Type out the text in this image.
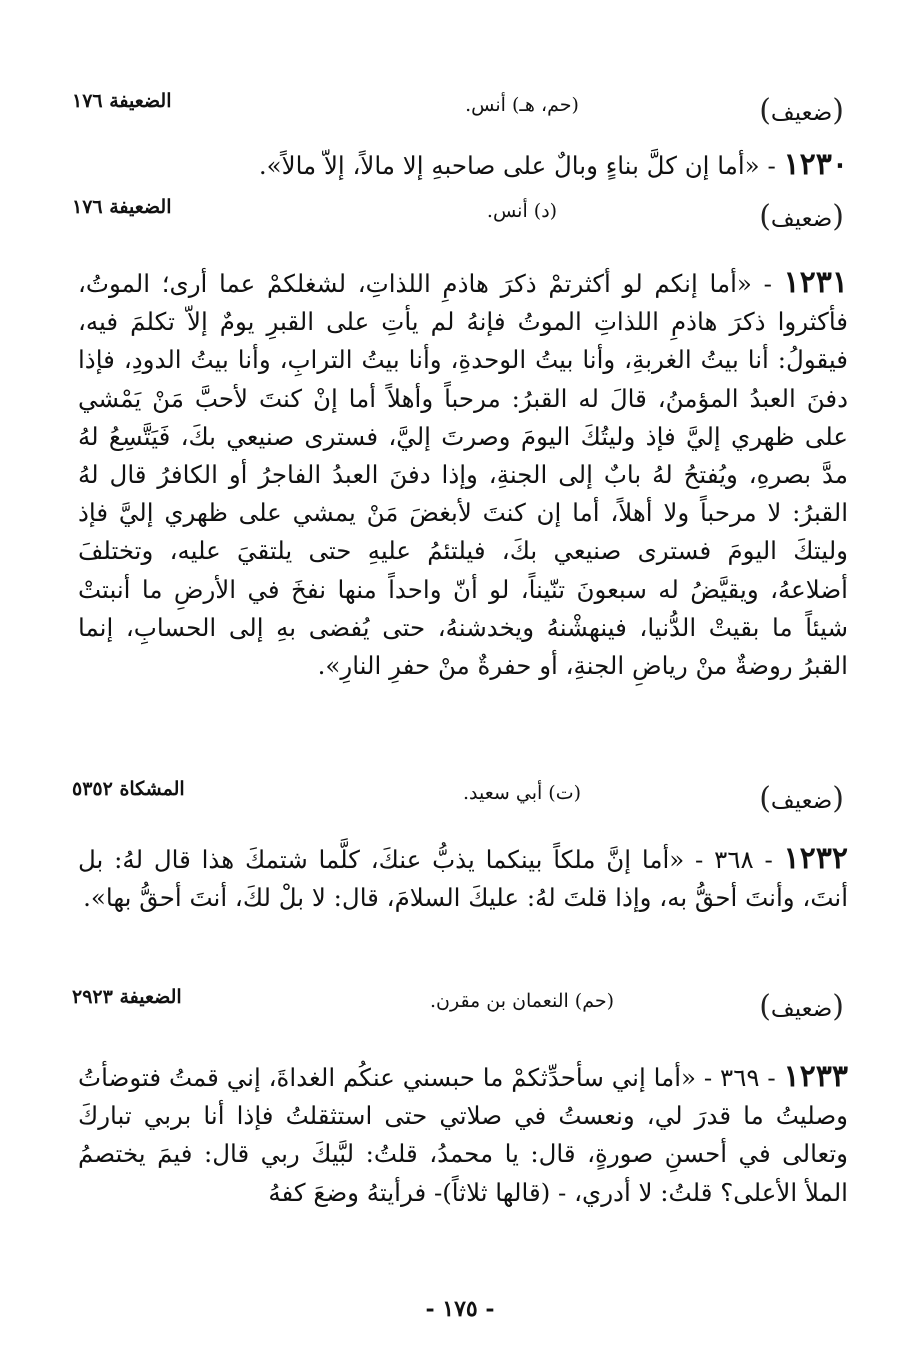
(ضعيف)
(حم، هـ) أنس.
الضعيفة ١٧٦
١٢٣٠ - «أما إن كلَّ بناءٍ وبالٌ على صاحبهِ إلا مالاً، إلاّ مالاً».
(ضعيف)
(د) أنس.
الضعيفة ١٧٦
١٢٣١ - «أما إنكم لو أكثرتمْ ذكرَ هاذمِ اللذاتِ، لشغلكمْ عما أرى؛ الموتُ، فأكثروا ذكرَ هاذمِ اللذاتِ الموتُ فإنهُ لم يأتِ على القبرِ يومٌ إلاّ تكلمَ فيه، فيقولُ: أنا بيتُ الغربةِ، وأنا بيتُ الوحدةِ، وأنا بيتُ الترابِ، وأنا بيتُ الدودِ، فإذا دفنَ العبدُ المؤمنُ، قالَ له القبرُ: مرحباً وأهلاً أما إنْ كنتَ لأحبَّ مَنْ يَمْشي على ظهري إليَّ فإذ وليتُكَ اليومَ وصرتَ إليَّ، فسترى صنيعي بكَ، فَيَتَّسِعُ لهُ مدَّ بصرهِ، ويُفتحُ لهُ بابٌ إلى الجنةِ، وإذا دفنَ العبدُ الفاجرُ أو الكافرُ قال لهُ القبرُ: لا مرحباً ولا أهلاً، أما إن كنتَ لأبغضَ مَنْ يمشي على ظهري إليَّ فإذ وليتكَ اليومَ فسترى صنيعي بكَ، فيلتئمُ عليهِ حتى يلتقيَ عليه، وتختلفَ أضلاعهُ، ويقيَّضُ له سبعونَ تنّيناً، لو أنّ واحداً منها نفخَ في الأرضِ ما أنبتتْ شيئاً ما بقيتْ الدُّنيا، فينهشْنهُ ويخدشنهُ، حتى يُفضى بهِ إلى الحسابِ، إنما القبرُ روضةٌ منْ رياضِ الجنةِ، أو حفرةٌ منْ حفرِ النارِ».
(ضعيف)
(ت) أبي سعيد.
المشكاة ٥٣٥٢
١٢٣٢ - ٣٦٨ - «أما إنَّ ملكاً بينكما يذبُّ عنكَ، كلَّما شتمكَ هذا قال لهُ: بل أنتَ، وأنتَ أحقُّ به، وإذا قلتَ لهُ: عليكَ السلامَ، قال: لا بلْ لكَ، أنتَ أحقُّ بها».
(ضعيف)
(حم) النعمان بن مقرن.
الضعيفة ٢٩٢٣
١٢٣٣ - ٣٦٩ - «أما إني سأحدِّثكمْ ما حبسني عنكُم الغداةَ، إني قمتُ فتوضأتُ وصليتُ ما قدرَ لي، ونعستُ في صلاتي حتى استثقلتُ فإذا أنا بربي تباركَ وتعالى في أحسنِ صورةٍ، قال: يا محمدُ، قلتُ: لبَّيكَ ربي قال: فيمَ يختصمُ الملأ الأعلى؟ قلتُ: لا أدري، - (قالها ثلاثاً)- فرأيتهُ وضعَ كفهُ
- ١٧٥ -
